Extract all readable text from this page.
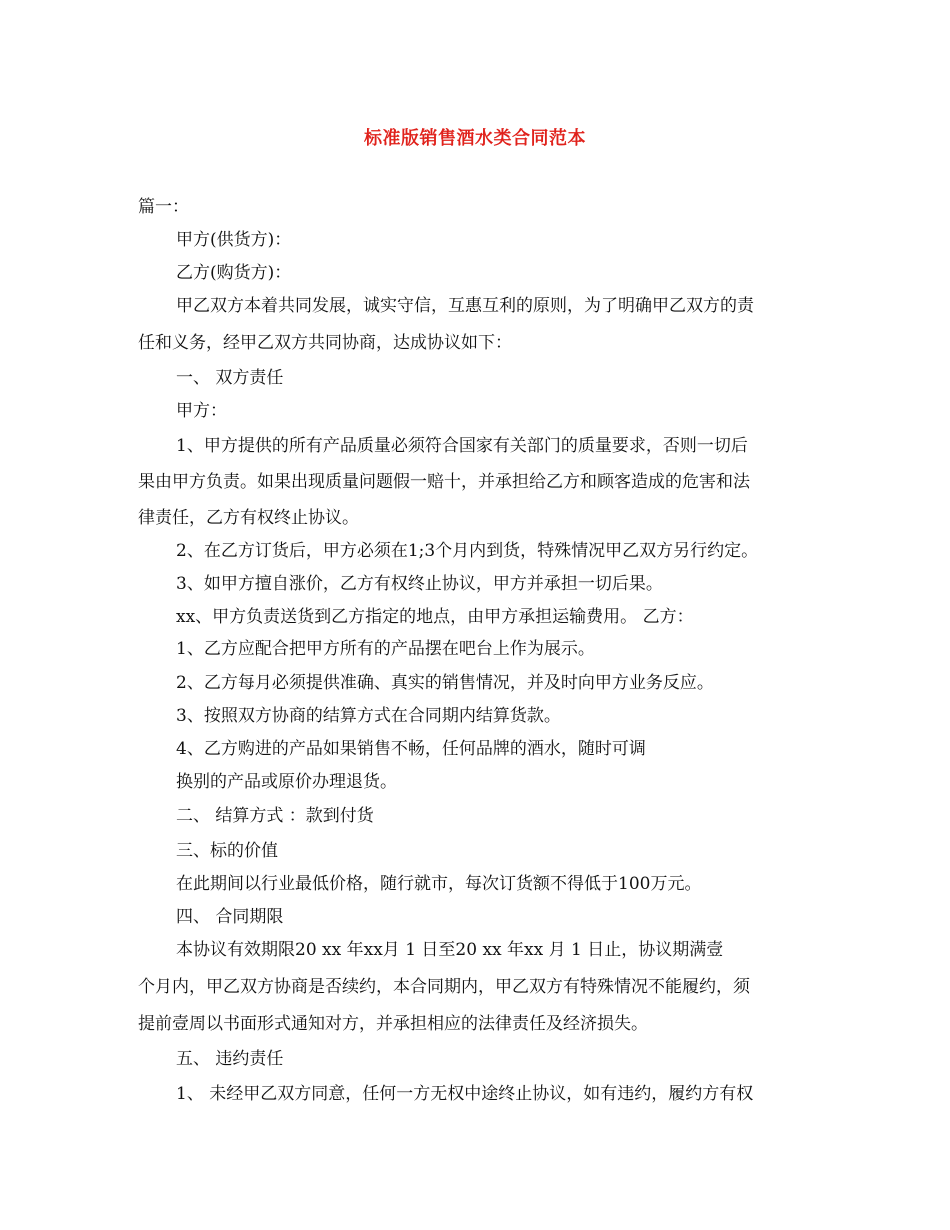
标准版销售酒水类合同范本
篇一：
甲方(供货方)：
乙方(购货方)：
甲乙双方本着共同发展，诚实守信，互惠互利的原则，为了明确甲乙双方的责
任和义务，经甲乙双方共同协商，达成协议如下：
一、 双方责任
甲方：
1、甲方提供的所有产品质量必须符合国家有关部门的质量要求，否则一切后
果由甲方负责。如果出现质量问题假一赔十，并承担给乙方和顾客造成的危害和法
律责任，乙方有权终止协议。
2、在乙方订货后，甲方必须在1;3个月内到货，特殊情况甲乙双方另行约定。
3、如甲方擅自涨价，乙方有权终止协议，甲方并承担一切后果。
xx、甲方负责送货到乙方指定的地点，由甲方承担运输费用。 乙方：
1、乙方应配合把甲方所有的产品摆在吧台上作为展示。
2、乙方每月必须提供准确、真实的销售情况，并及时向甲方业务反应。
3、按照双方协商的结算方式在合同期内结算货款。
4、乙方购进的产品如果销售不畅，任何品牌的酒水，随时可调
换别的产品或原价办理退货。
二、 结算方式 ：款到付货
三、标的价值
在此期间以行业最低价格，随行就市，每次订货额不得低于100万元。
四、 合同期限
本协议有效期限20 xx 年xx月 1 日至20 xx 年xx 月 1 日止，协议期满壹
个月内，甲乙双方协商是否续约，本合同期内，甲乙双方有特殊情况不能履约，须
提前壹周以书面形式通知对方，并承担相应的法律责任及经济损失。
五、 违约责任
1、 未经甲乙双方同意，任何一方无权中途终止协议，如有违约，履约方有权
